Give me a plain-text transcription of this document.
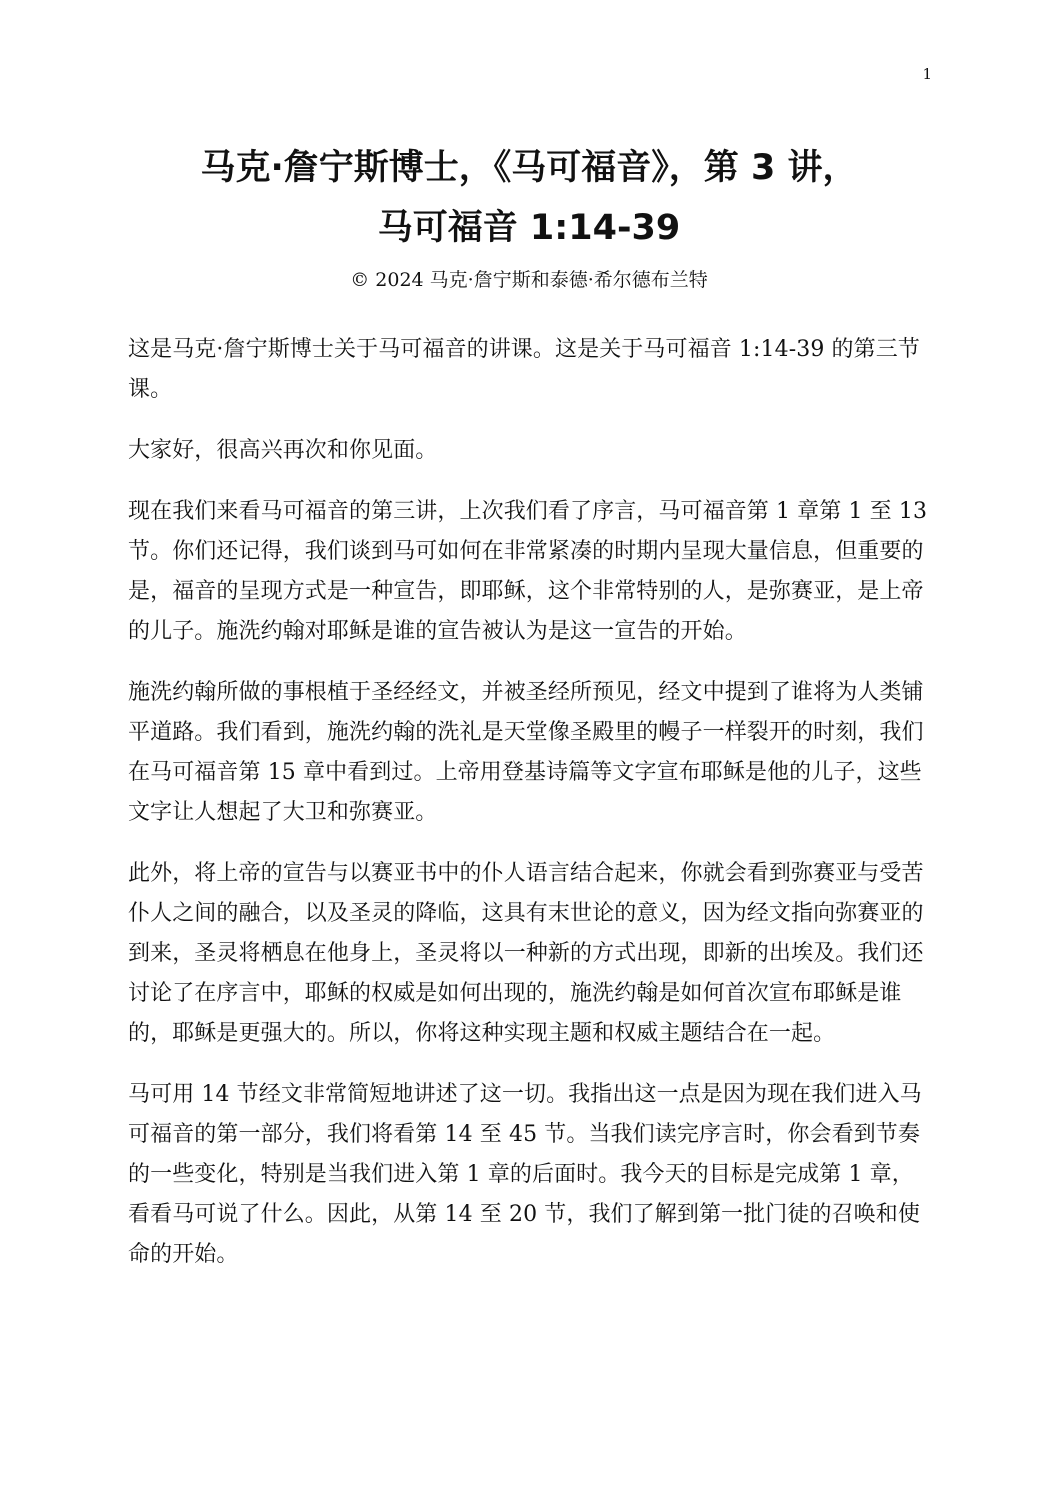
1
马克·詹宁斯博士，《马可福音》，第 3 讲，
马可福音 1:14-39
© 2024 马克·詹宁斯和泰德·希尔德布兰特

这是马克·詹宁斯博士关于马可福音的讲课。这是关于马可福音 1:14-39 的第三节课。

大家好，很高兴再次和你见面。

现在我们来看马可福音的第三讲，上次我们看了序言，马可福音第 1 章第 1 至 13 节。你们还记得，我们谈到马可如何在非常紧凑的时期内呈现大量信息，但重要的是，福音的呈现方式是一种宣告，即耶稣，这个非常特别的人，是弥赛亚，是上帝的儿子。施洗约翰对耶稣是谁的宣告被认为是这一宣告的开始。

施洗约翰所做的事根植于圣经经文，并被圣经所预见，经文中提到了谁将为人类铺平道路。我们看到，施洗约翰的洗礼是天堂像圣殿里的幔子一样裂开的时刻，我们在马可福音第 15 章中看到过。上帝用登基诗篇等文字宣布耶稣是他的儿子，这些文字让人想起了大卫和弥赛亚。

此外，将上帝的宣告与以赛亚书中的仆人语言结合起来，你就会看到弥赛亚与受苦仆人之间的融合，以及圣灵的降临，这具有末世论的意义，因为经文指向弥赛亚的到来，圣灵将栖息在他身上，圣灵将以一种新的方式出现，即新的出埃及。我们还讨论了在序言中，耶稣的权威是如何出现的，施洗约翰是如何首次宣布耶稣是谁的，耶稣是更强大的。所以，你将这种实现主题和权威主题结合在一起。

马可用 14 节经文非常简短地讲述了这一切。我指出这一点是因为现在我们进入马可福音的第一部分，我们将看第 14 至 45 节。当我们读完序言时，你会看到节奏的一些变化，特别是当我们进入第 1 章的后面时。我今天的目标是完成第 1 章，看看马可说了什么。因此，从第 14 至 20 节，我们了解到第一批门徒的召唤和使命的开始。
